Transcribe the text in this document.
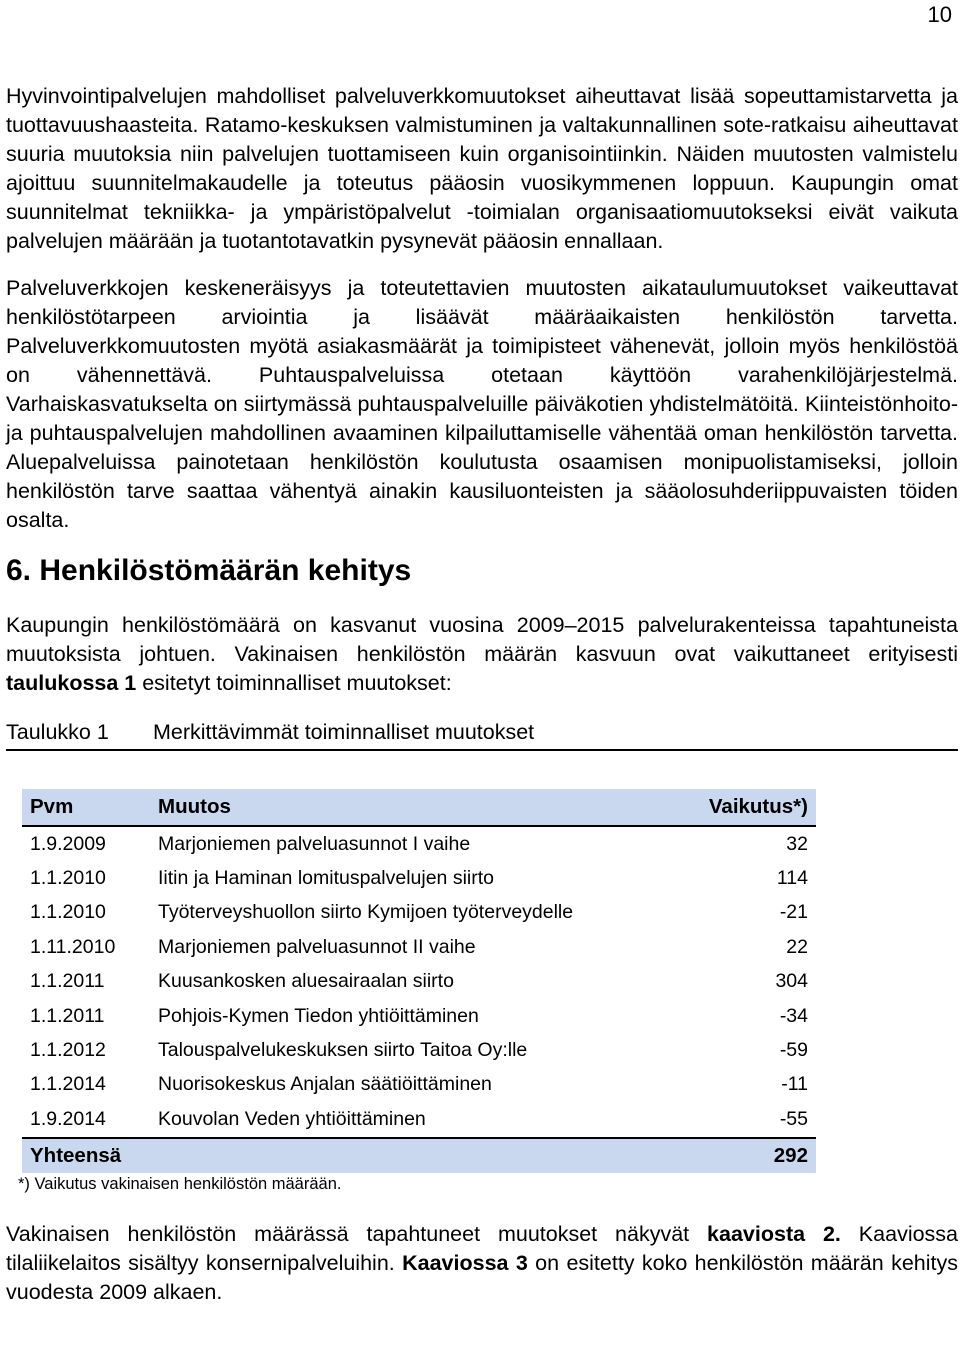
10

Hyvinvointipalvelujen mahdolliset palveluverkkomuutokset aiheuttavat lisää sopeuttamistarvetta ja tuottavuushaasteita. Ratamo-keskuksen valmistuminen ja valtakunnallinen sote-ratkaisu aiheuttavat suuria muutoksia niin palvelujen tuottamiseen kuin organisointiinkin. Näiden muutosten valmistelu ajoittuu suunnitelmakaudelle ja toteutus pääosin vuosikymmenen loppuun. Kaupungin omat suunnitelmat tekniikka- ja ympäristöpalvelut -toimialan organisaatiomuutokseksi eivät vaikuta palvelujen määrään ja tuotantotavatkin pysynevät pääosin ennallaan.

Palveluverkkojen keskeneräisyys ja toteutettavien muutosten aikataulumuutokset vaikeuttavat henkilöstötarpeen arviointia ja lisäävät määräaikaisten henkilöstön tarvetta. Palveluverkkomuutosten myötä asiakasmäärät ja toimipisteet vähenevät, jolloin myös henkilöstöä on vähennettävä. Puhtauspalveluissa otetaan käyttöön varahenkilöjärjestelmä. Varhaiskasvatukselta on siirtymässä puhtauspalveluille päiväkotien yhdistelmätöitä. Kiinteistönhoito- ja puhtauspalvelujen mahdollinen avaaminen kilpailuttamiselle vähentää oman henkilöstön tarvetta. Aluepalveluissa painotetaan henkilöstön koulutusta osaamisen monipuolistamiseksi, jolloin henkilöstön tarve saattaa vähentyä ainakin kausiluonteisten ja sääolosuhderiippuvaisten töiden osalta.

6. Henkilöstömäärän kehitys

Kaupungin henkilöstömäärä on kasvanut vuosina 2009–2015 palvelurakenteissa tapahtuneista muutoksista johtuen. Vakinaisen henkilöstön määrän kasvuun ovat vaikuttaneet erityisesti taulukossa 1 esitetyt toiminnalliset muutokset:

Taulukko 1	Merkittävimmät toiminnalliset muutokset
Pvm	Muutos	Vaikutus*)
1.9.2009	Marjoniemen palveluasunnot I vaihe	32
1.1.2010	Iitin ja Haminan lomituspalvelujen siirto	114
1.1.2010	Työterveyshuollon siirto Kymijoen työterveydelle	-21
1.11.2010	Marjoniemen palveluasunnot II vaihe	22
1.1.2011	Kuusankosken aluesairaalan siirto	304
1.1.2011	Pohjois-Kymen Tiedon yhtiöittäminen	-34
1.1.2012	Talouspalvelukeskuksen siirto Taitoa Oy:lle	-59
1.1.2014	Nuorisokeskus Anjalan säätiöittäminen	-11
1.9.2014	Kouvolan Veden yhtiöittäminen	-55
Yhteensä		292
*) Vaikutus vakinaisen henkilöstön määrään.

Vakinaisen henkilöstön määrässä tapahtuneet muutokset näkyvät kaaviosta 2. Kaaviossa tilaliikelaitos sisältyy konsernipalveluihin. Kaaviossa 3 on esitetty koko henkilöstön määrän kehitys vuodesta 2009 alkaen.
